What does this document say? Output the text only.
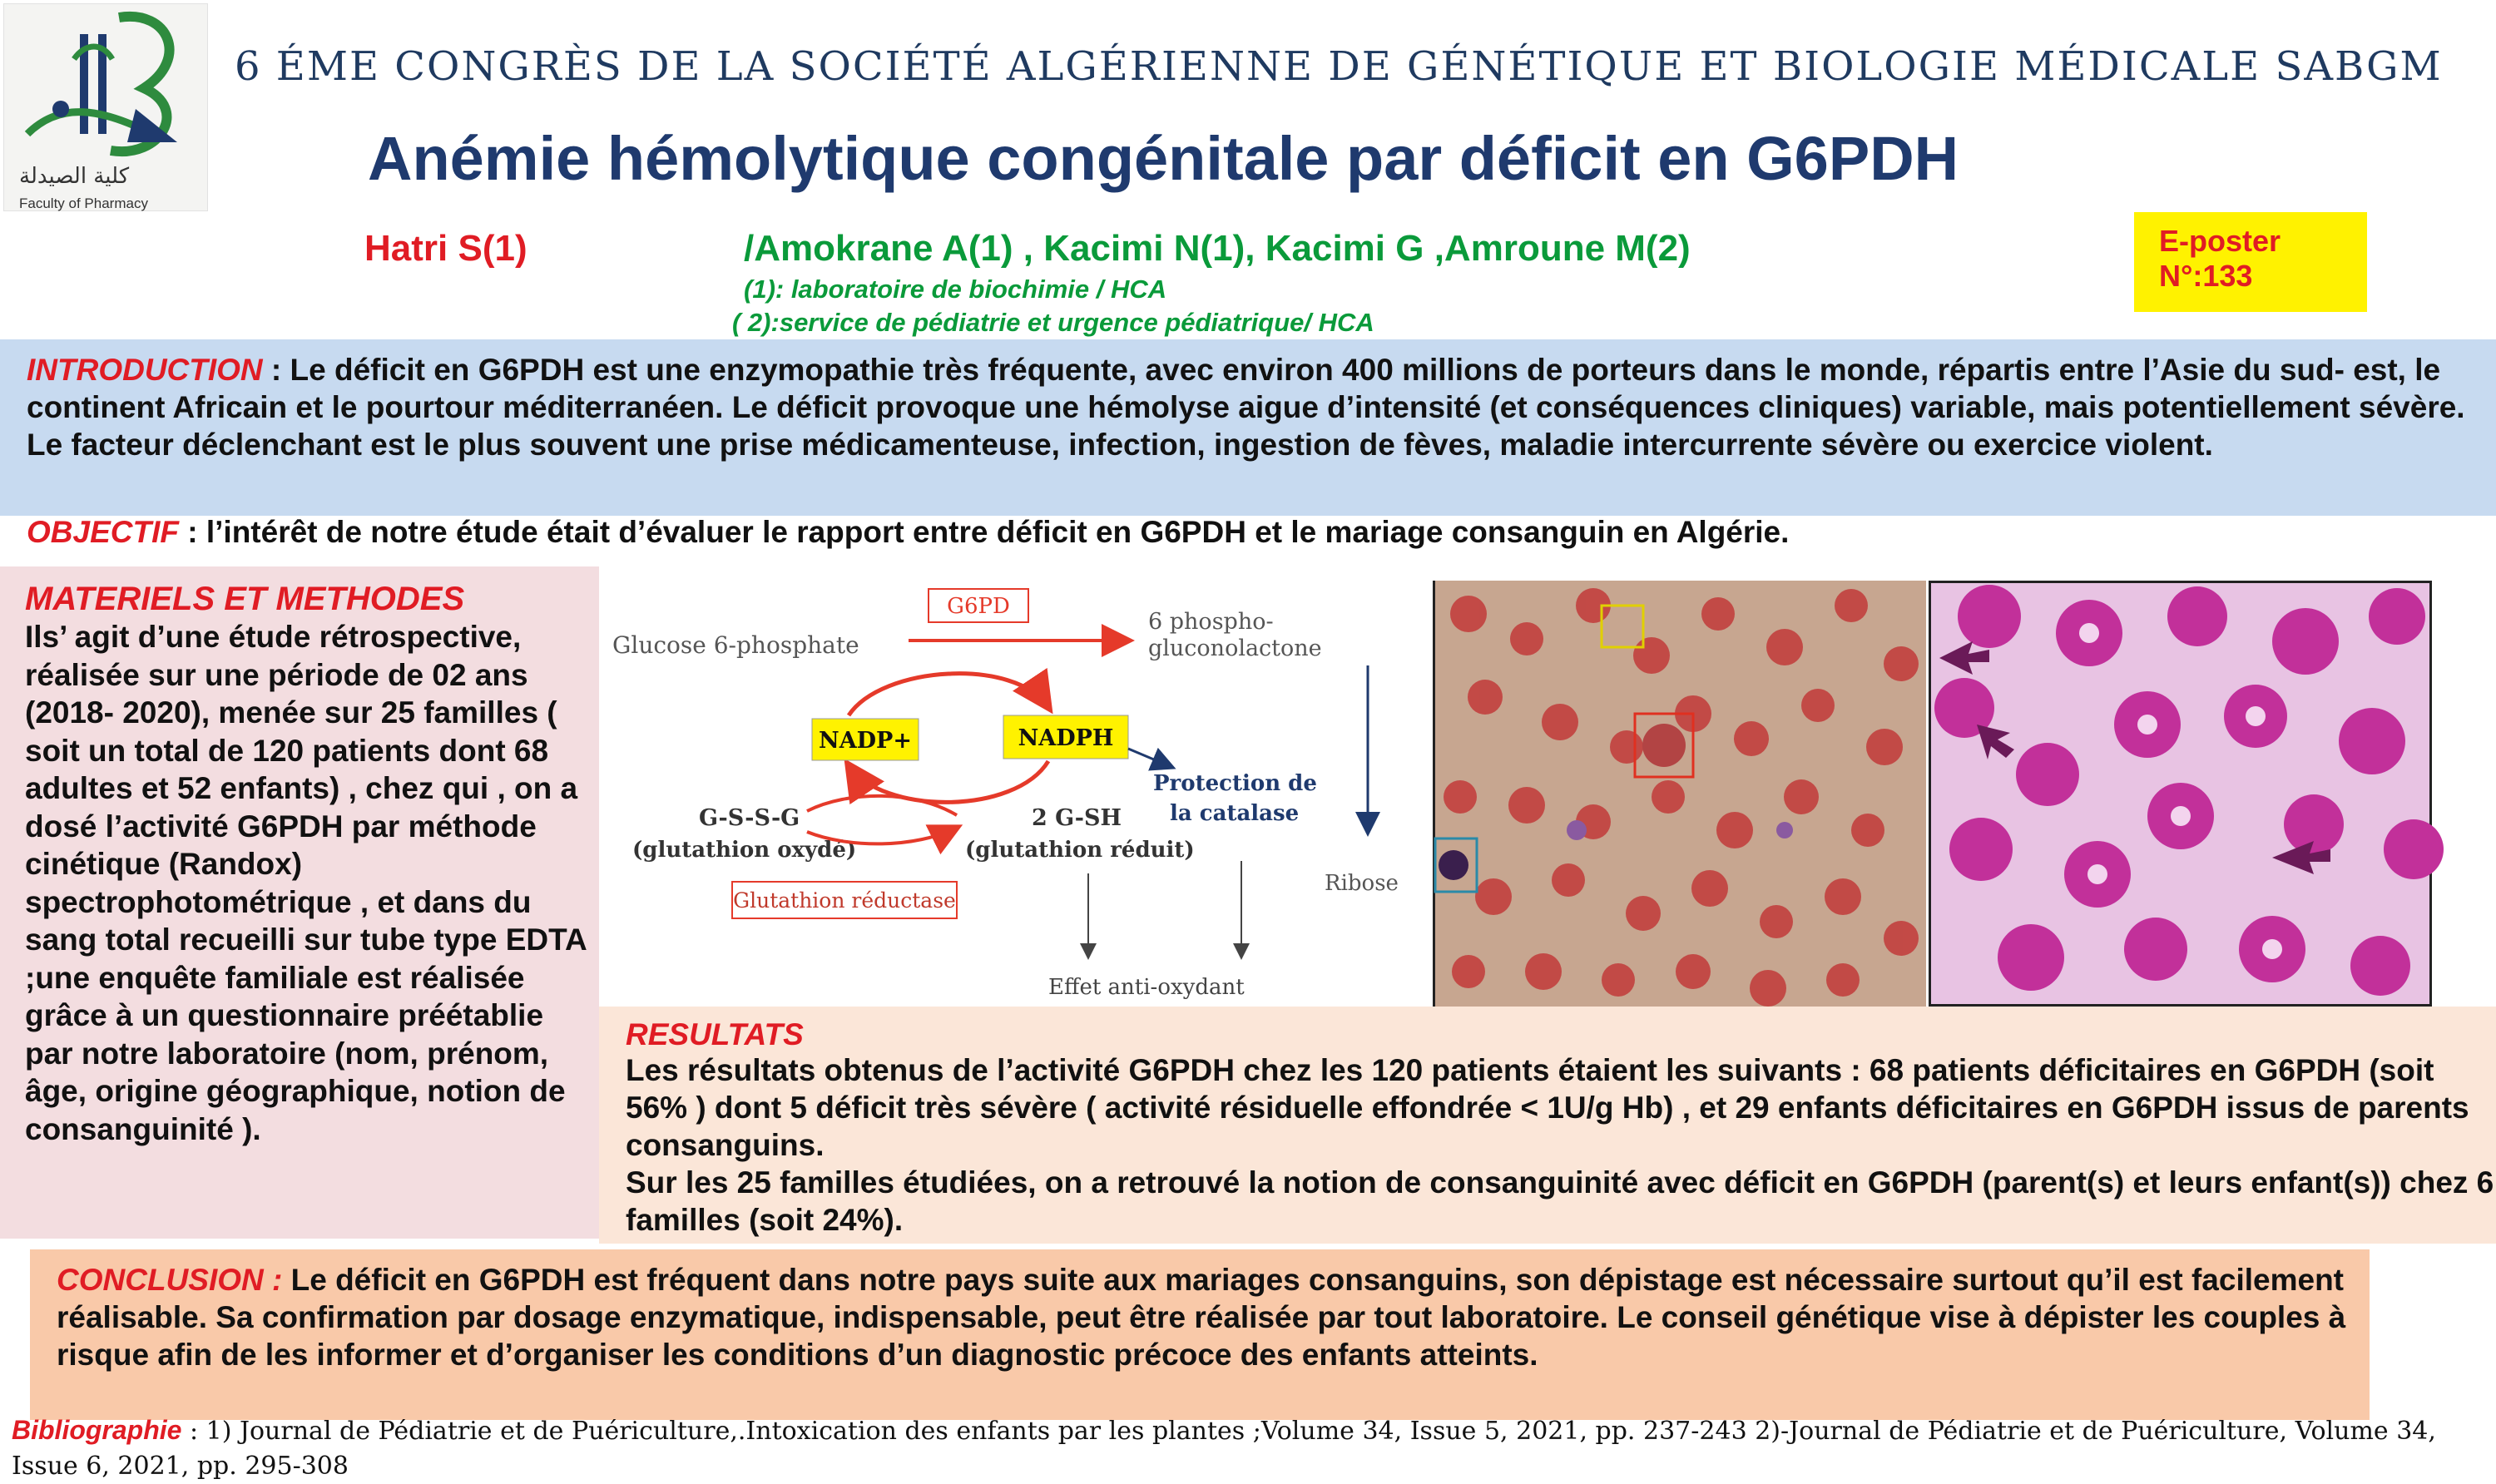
كلية الصيدلة
Faculty of Pharmacy
6 ÉME CONGRÈS DE LA SOCIÉTÉ ALGÉRIENNE DE GÉNÉTIQUE ET BIOLOGIE MÉDICALE SABGM
Anémie hémolytique congénitale par déficit en G6PDH
Hatri S(1)	/Amokrane A(1) , Kacimi N(1), Kacimi G ,Amroune M(2)
(1): laboratoire de biochimie / HCA
( 2):service de pédiatrie et urgence pédiatrique/ HCA
E-poster
N°:133
INTRODUCTION : Le déficit en G6PDH est une enzymopathie très fréquente, avec environ 400 millions de porteurs dans le monde, répartis entre l’Asie du sud- est, le continent Africain et le pourtour méditerranéen. Le déficit provoque une hémolyse aigue d’intensité (et conséquences cliniques) variable, mais potentiellement sévère. Le facteur déclenchant est le plus souvent une prise médicamenteuse, infection, ingestion de fèves, maladie intercurrente sévère ou exercice violent.
OBJECTIF : l’intérêt de notre étude était d’évaluer le rapport entre déficit en G6PDH et le mariage consanguin en Algérie.
MATERIELS ET METHODES
Ils’ agit d’une étude rétrospective, réalisée sur une période de 02 ans (2018- 2020), menée sur 25 familles ( soit un total de 120 patients dont 68 adultes et 52 enfants) , chez qui , on a dosé l’activité G6PDH par méthode cinétique (Randox) spectrophotométrique , et dans du sang total recueilli sur tube type EDTA ;une enquête familiale est réalisée grâce à un questionnaire préétablie par notre laboratoire (nom, prénom, âge, origine géographique, notion de consanguinité ).
G6PD
Glucose 6-phosphate
6 phospho-
gluconolactone
NADP+	NADPH
Protection de
la catalase
Ribose
G-S-S-G
(glutathion oxydé)
2 G-SH
(glutathion réduit)
Glutathion réductase
Effet anti-oxydant
RESULTATS
Les résultats obtenus de l’activité G6PDH chez les 120 patients étaient les suivants : 68 patients déficitaires en G6PDH (soit 56% ) dont 5 déficit très sévère ( activité résiduelle effondrée < 1U/g Hb) , et 29 enfants déficitaires en G6PDH issus de parents consanguins.
Sur les 25 familles étudiées, on a retrouvé la notion de consanguinité avec déficit en G6PDH (parent(s) et leurs enfant(s)) chez 6 familles (soit 24%).
CONCLUSION : Le déficit en G6PDH est fréquent dans notre pays suite aux mariages consanguins, son dépistage est nécessaire surtout qu’il est facilement réalisable. Sa confirmation par dosage enzymatique, indispensable, peut être réalisée par tout laboratoire. Le conseil génétique vise à dépister les couples à risque afin de les informer et d’organiser les conditions d’un diagnostic précoce des enfants atteints.
Bibliographie : 1) Journal de Pédiatrie et de Puériculture,.Intoxication des enfants par les plantes ;Volume 34, Issue 5, 2021, pp. 237-243 2)-Journal de Pédiatrie et de Puériculture, Volume 34, Issue 6, 2021, pp. 295-308
